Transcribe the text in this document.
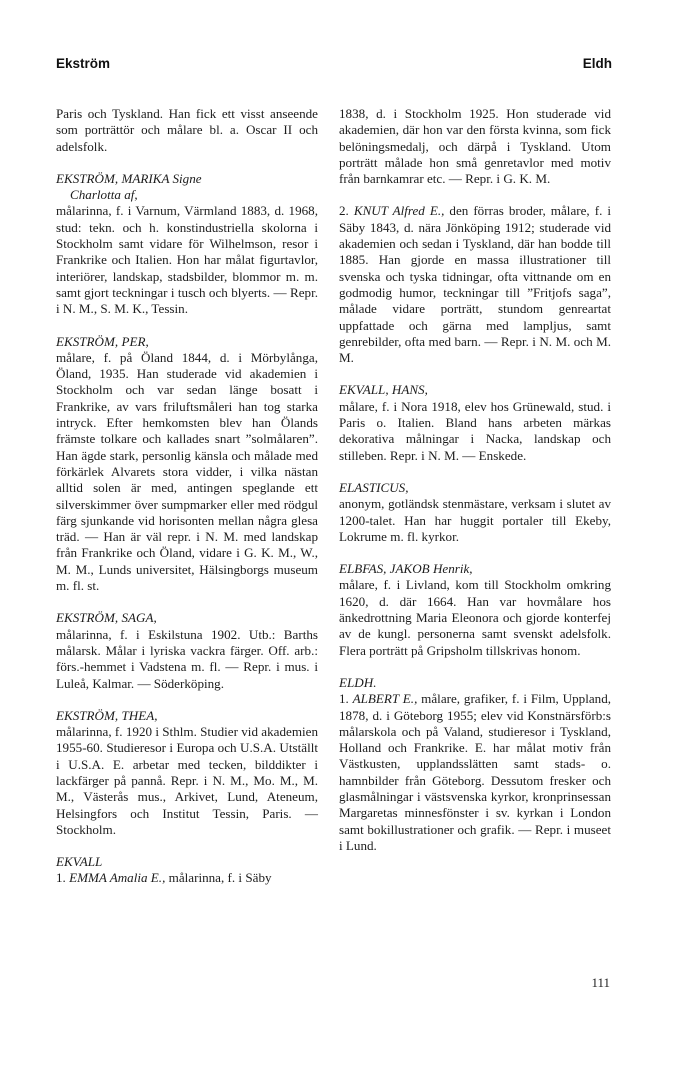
Ekström	Eldh

Paris och Tyskland. Han fick ett visst anseende som porträttör och målare bl. a. Oscar II och adelsfolk.

EKSTRÖM, MARIKA Signe

Charlotta af,

målarinna, f. i Varnum, Värmland 1883, d. 1968, stud: tekn. och h. konstindustriella skolorna i Stockholm samt vidare för Wilhelmson, resor i Frankrike och Italien. Hon har målat figurtavlor, interiörer, landskap, stadsbilder, blommor m. m. samt gjort teckningar i tusch och blyerts. — Repr. i N. M., S. M. K., Tessin.

EKSTRÖM, PER,

målare, f. på Öland 1844, d. i Mörbylånga, Öland, 1935. Han studerade vid akademien i Stockholm och var sedan länge bosatt i Frankrike, av vars friluftsmåleri han tog starka intryck. Efter hemkomsten blev han Ölands främste tolkare och kallades snart ”solmålaren”. Han ägde stark, personlig känsla och målade med förkärlek Alvarets stora vidder, i vilka nästan alltid solen är med, antingen speglande ett silverskimmer över sumpmarker eller med rödgul färg sjunkande vid horisonten mellan några glesa träd. — Han är väl repr. i N. M. med landskap från Frankrike och Öland, vidare i G. K. M., W., M. M., Lunds universitet, Hälsingborgs museum m. fl. st.

EKSTRÖM, SAGA,

målarinna, f. i Eskilstuna 1902. Utb.: Barths målarsk. Målar i lyriska vackra färger. Off. arb.: förs.-hemmet i Vadstena m. fl. — Repr. i mus. i Luleå, Kalmar. — Söderköping.

EKSTRÖM, THEA,

målarinna, f. 1920 i Sthlm. Studier vid akademien 1955-60. Studieresor i Europa och U.S.A. Utställt i U.S.A. E. arbetar med tecken, bilddikter i lackfärger på pannå. Repr. i N. M., Mo. M., M. M., Västerås mus., Arkivet, Lund, Ateneum, Helsingfors och Institut Tessin, Paris. — Stockholm.

EKVALL

1. EMMA Amalia E., målarinna, f. i Säby

1838, d. i Stockholm 1925. Hon studerade vid akademien, där hon var den första kvinna, som fick belöningsmedalj, och därpå i Tyskland. Utom porträtt målade hon små genretavlor med motiv från barnkamrar etc. — Repr. i G. K. M.

2. KNUT Alfred E., den förras broder, målare, f. i Säby 1843, d. nära Jönköping 1912; studerade vid akademien och sedan i Tyskland, där han bodde till 1885. Han gjorde en massa illustrationer till svenska och tyska tidningar, ofta vittnande om en godmodig humor, teckningar till ”Fritjofs saga”, målade vidare porträtt, stundom genreartat uppfattade och gärna med lampljus, samt genrebilder, ofta med barn. — Repr. i N. M. och M. M.

EKVALL, HANS,

målare, f. i Nora 1918, elev hos Grünewald, stud. i Paris o. Italien. Bland hans arbeten märkas dekorativa målningar i Nacka, landskap och stilleben. Repr. i N. M. — Enskede.

ELASTICUS,

anonym, gotländsk stenmästare, verksam i slutet av 1200-talet. Han har huggit portaler till Ekeby, Lokrume m. fl. kyrkor.

ELBFAS, JAKOB Henrik,

målare, f. i Livland, kom till Stockholm omkring 1620, d. där 1664. Han var hovmålare hos änkedrottning Maria Eleonora och gjorde konterfej av de kungl. personerna samt svenskt adelsfolk. Flera porträtt på Gripsholm tillskrivas honom.

ELDH.

1. ALBERT E., målare, grafiker, f. i Film, Uppland, 1878, d. i Göteborg 1955; elev vid Konstnärsförb:s målarskola och på Valand, studieresor i Tyskland, Holland och Frankrike. E. har målat motiv från Västkusten, upplandsslätten samt stads- o. hamnbilder från Göteborg. Dessutom fresker och glasmålningar i västsvenska kyrkor, kronprinsessan Margaretas minnesfönster i sv. kyrkan i London samt bokillustrationer och grafik. — Repr. i museet i Lund.

111
